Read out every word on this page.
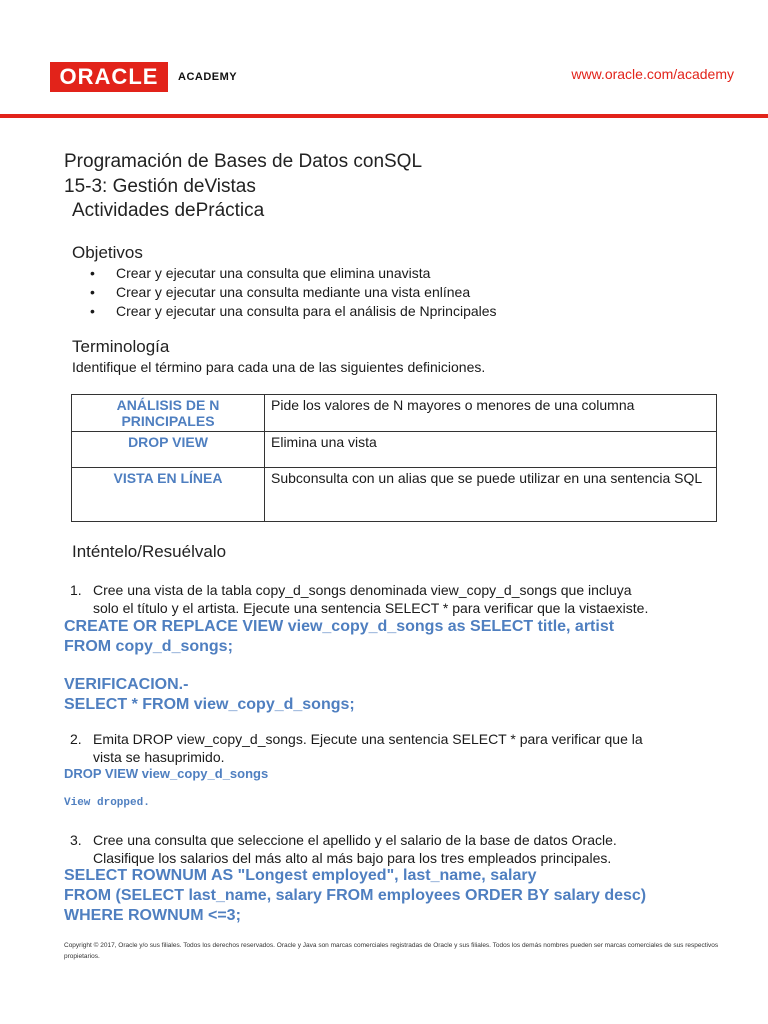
ORACLE ACADEMY	www.oracle.com/academy
Programación de Bases de Datos conSQL
15-3: Gestión deVistas
Actividades dePráctica
Objetivos
•	Crear y ejecutar una consulta que elimina unavista
•	Crear y ejecutar una consulta mediante una vista enlínea
•	Crear y ejecutar una consulta para el análisis de Nprincipales
Terminología
Identifique el término para cada una de las siguientes definiciones.
ANÁLISIS DE N PRINCIPALES	Pide los valores de N mayores o menores de una columna
DROP VIEW	Elimina una vista
VISTA EN LÍNEA	Subconsulta con un alias que se puede utilizar en una sentencia SQL
Inténtelo/Resuélvalo
1. Cree una vista de la tabla copy_d_songs denominada view_copy_d_songs que incluya
solo el título y el artista. Ejecute una sentencia SELECT * para verificar que la vistaexiste.
CREATE OR REPLACE VIEW view_copy_d_songs as SELECT title, artist
FROM copy_d_songs;
VERIFICACION.-
SELECT * FROM view_copy_d_songs;
2. Emita DROP view_copy_d_songs. Ejecute una sentencia SELECT * para verificar que la
vista se hasuprimido.
DROP VIEW view_copy_d_songs
View dropped.
3. Cree una consulta que seleccione el apellido y el salario de la base de datos Oracle.
Clasifique los salarios del más alto al más bajo para los tres empleados principales.
SELECT ROWNUM AS "Longest employed", last_name, salary
FROM (SELECT last_name, salary FROM employees ORDER BY salary desc)
WHERE ROWNUM <=3;
Copyright © 2017, Oracle y/o sus filiales. Todos los derechos reservados. Oracle y Java son marcas comerciales registradas de Oracle y sus filiales. Todos los demás nombres pueden ser marcas comerciales de sus respectivos propietarios.
